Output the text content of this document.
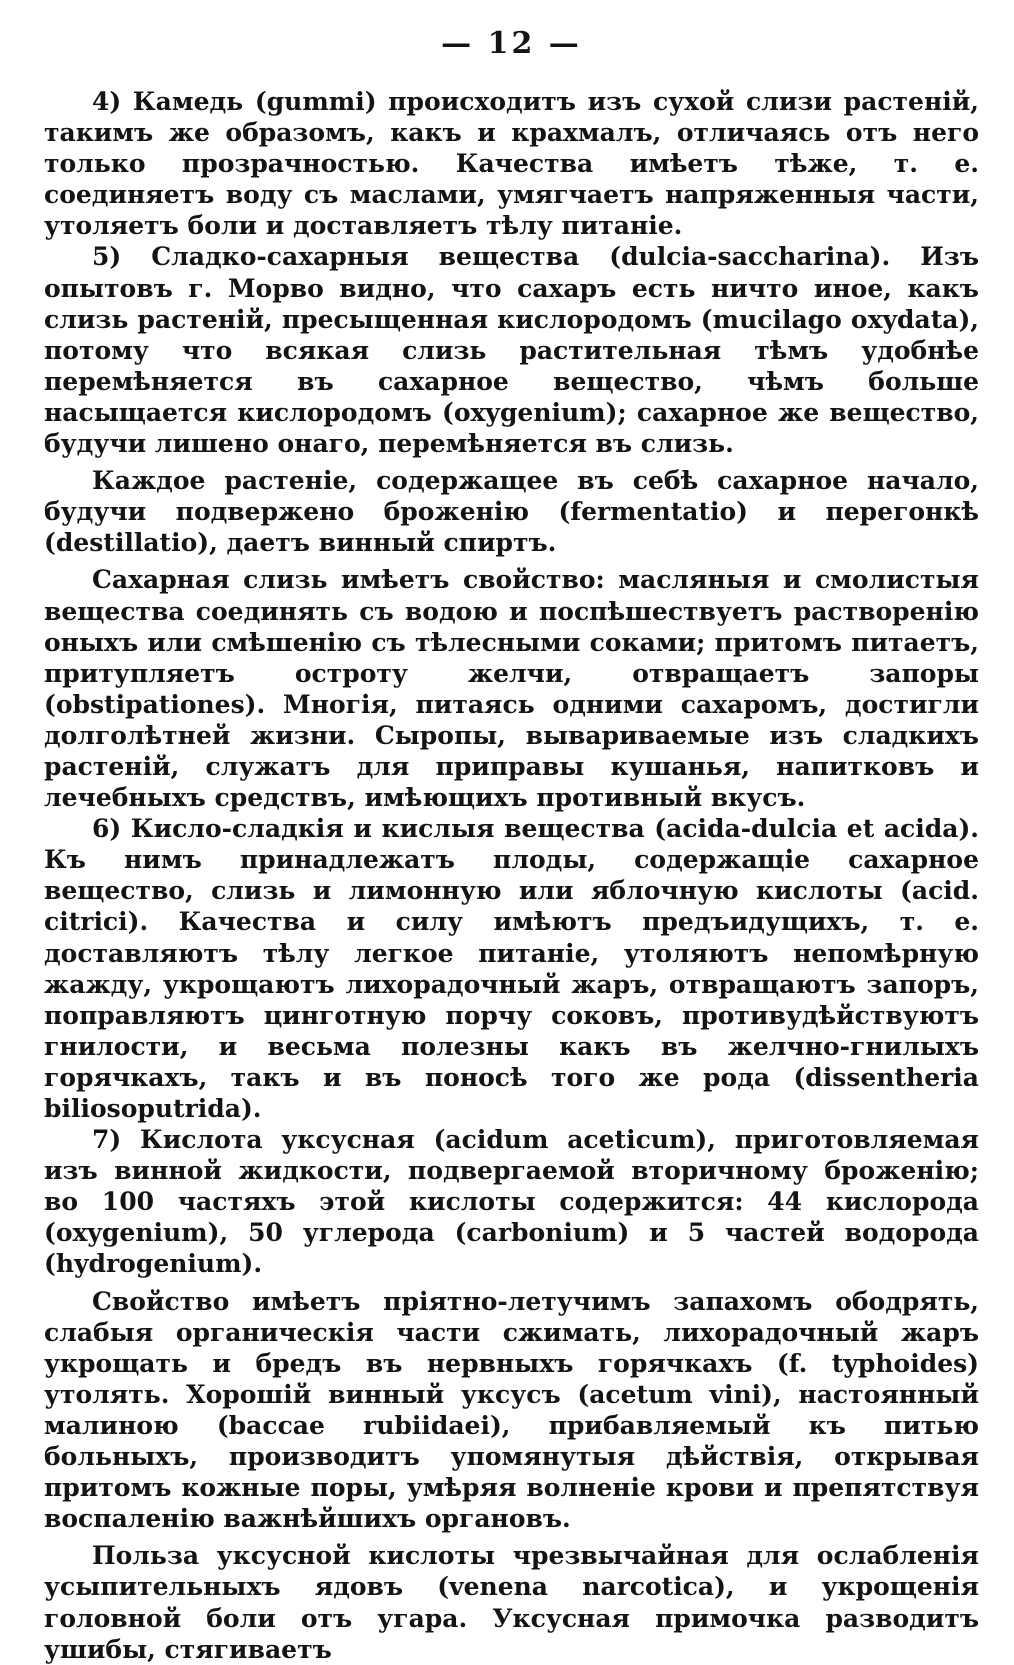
— 12 —

4) Камедь (gummi) происходитъ изъ сухой слизи растеній, такимъ же образомъ, какъ и крахмалъ, отличаясь отъ него только прозрачностью. Качества имѣетъ тѣже, т. е. соединяетъ воду съ маслами, умягчаетъ напряженныя части, утоляетъ боли и доставляетъ тѣлу питаніе.

5) Сладко-сахарныя вещества (dulcia-saccharina). Изъ опытовъ г. Морво видно, что сахаръ есть ничто иное, какъ слизь растеній, пресыщенная кислородомъ (mucilago oxydata), потому что всякая слизь растительная тѣмъ удобнѣе перемѣняется въ сахарное вещество, чѣмъ больше насыщается кислородомъ (oxygenium); сахарное же вещество, будучи лишено онаго, перемѣняется въ слизь.

Каждое растеніе, содержащее въ себѣ сахарное начало, будучи подвержено броженію (fermentatio) и перегонкѣ (destillatio), даетъ винный спиртъ.

Сахарная слизь имѣетъ свойство: масляныя и смолистыя вещества соединять съ водою и поспѣшествуетъ растворенію оныхъ или смѣшенію съ тѣлесными соками; притомъ питаетъ, притупляетъ остроту желчи, отвращаетъ запоры (obstipationes). Многія, питаясь одними сахаромъ, достигли долголѣтней жизни. Сыропы, вывариваемые изъ сладкихъ растеній, служатъ для приправы кушанья, напитковъ и лечебныхъ средствъ, имѣющихъ противный вкусъ.

6) Кисло-сладкія и кислыя вещества (acida-dulcia et acida). Къ нимъ принадлежатъ плоды, содержащіе сахарное вещество, слизь и лимонную или яблочную кислоты (acid. citrici). Качества и силу имѣютъ предъидущихъ, т. е. доставляютъ тѣлу легкое питаніе, утоляютъ непомѣрную жажду, укрощаютъ лихорадочный жаръ, отвращаютъ запоръ, поправляютъ цинготную порчу соковъ, противудѣйствуютъ гнилости, и весьма полезны какъ въ желчно-гнилыхъ горячкахъ, такъ и въ поносѣ того же рода (dissentheria biliosoputrida).

7) Кислота уксусная (acidum aceticum), приготовляемая изъ винной жидкости, подвергаемой вторичному броженію; во 100 частяхъ этой кислоты содержится: 44 кислорода (oxygenium), 50 углерода (carbonium) и 5 частей водорода (hydrogenium).

Свойство имѣетъ пріятно-летучимъ запахомъ ободрять, слабыя органическія части сжимать, лихорадочный жаръ укрощать и бредъ въ нервныхъ горячкахъ (f. typhoides) утолять. Хорошій винный уксусъ (acetum vini), настоянный малиною (baccae rubiidaei), прибавляемый къ питью больныхъ, производитъ упомянутыя дѣйствія, открывая притомъ кожные поры, умѣряя волненіе крови и препятствуя воспаленію важнѣйшихъ органовъ.

Польза уксусной кислоты чрезвычайная для ослабленія усыпительныхъ ядовъ (venena narcotica), и укрощенія головной боли отъ угара. Уксусная примочка разводитъ ушибы, стягиваетъ
